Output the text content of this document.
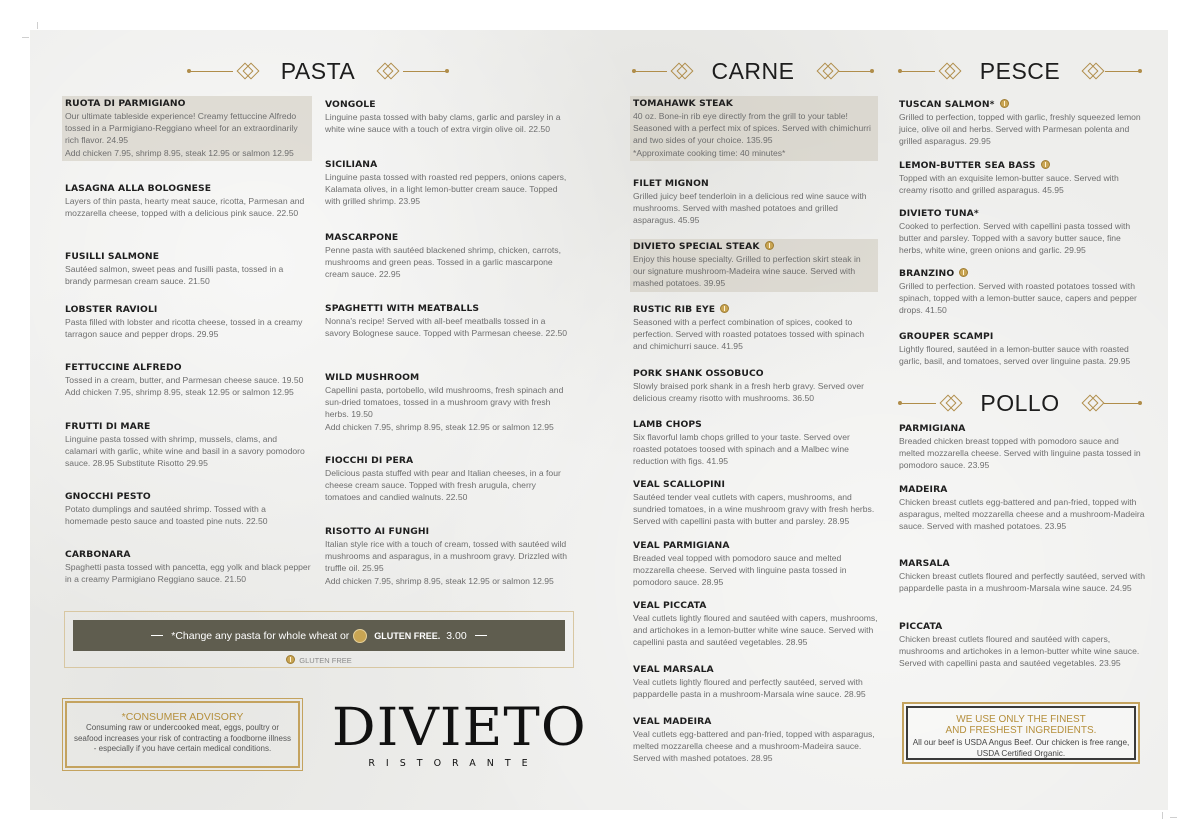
PASTA	CARNE	PESCE
POLLO
RUOTA DI PARMIGIANO
Our ultimate tableside experience! Creamy fettuccine Alfredo tossed in a Parmigiano-Reggiano wheel for an extraordinarily rich flavor. 24.95
Add chicken 7.95, shrimp 8.95, steak 12.95 or salmon 12.95
LASAGNA ALLA BOLOGNESE
Layers of thin pasta, hearty meat sauce, ricotta, Parmesan and mozzarella cheese, topped with a delicious pink sauce. 22.50
FUSILLI SALMONE
Sautéed salmon, sweet peas and fusilli pasta, tossed in a brandy parmesan cream sauce. 21.50
LOBSTER RAVIOLI
Pasta filled with lobster and ricotta cheese, tossed in a creamy tarragon sauce and pepper drops. 29.95
FETTUCCINE ALFREDO
Tossed in a cream, butter, and Parmesan cheese sauce. 19.50
Add chicken 7.95, shrimp 8.95, steak 12.95 or salmon 12.95
FRUTTI DI MARE
Linguine pasta tossed with shrimp, mussels, clams, and calamari with garlic, white wine and basil in a savory pomodoro sauce. 28.95 Substitute Risotto 29.95
GNOCCHI PESTO
Potato dumplings and sautéed shrimp. Tossed with a homemade pesto sauce and toasted pine nuts. 22.50
CARBONARA
Spaghetti pasta tossed with pancetta, egg yolk and black pepper in a creamy Parmigiano Reggiano sauce. 21.50
VONGOLE
Linguine pasta tossed with baby clams, garlic and parsley in a white wine sauce with a touch of extra virgin olive oil. 22.50
SICILIANA
Linguine pasta tossed with roasted red peppers, onions capers, Kalamata olives, in a light lemon-butter cream sauce. Topped with grilled shrimp. 23.95
MASCARPONE
Penne pasta with sautéed blackened shrimp, chicken, carrots, mushrooms and green peas. Tossed in a garlic mascarpone cream sauce. 22.95
SPAGHETTI WITH MEATBALLS
Nonna's recipe! Served with all-beef meatballs tossed in a savory Bolognese sauce. Topped with Parmesan cheese. 22.50
WILD MUSHROOM
Capellini pasta, portobello, wild mushrooms, fresh spinach and sun-dried tomatoes, tossed in a mushroom gravy with fresh herbs. 19.50
Add chicken 7.95, shrimp 8.95, steak 12.95 or salmon 12.95
FIOCCHI DI PERA
Delicious pasta stuffed with pear and Italian cheeses, in a four cheese cream sauce. Topped with fresh arugula, cherry tomatoes and candied walnuts. 22.50
RISOTTO AI FUNGHI
Italian style rice with a touch of cream, tossed with sautéed wild mushrooms and asparagus, in a mushroom gravy. Drizzled with truffle oil. 25.95
Add chicken 7.95, shrimp 8.95, steak 12.95 or salmon 12.95
*Change any pasta for whole wheat or	GLUTEN FREE. 3.00
GLUTEN FREE
*CONSUMER ADVISORY
Consuming raw or undercooked meat, eggs, poultry or seafood increases your risk of contracting a foodborne illness - especially if you have certain medical conditions.	DIVIETO
RISTORANTE
TOMAHAWK STEAK
40 oz. Bone-in rib eye directly from the grill to your table! Seasoned with a perfect mix of spices. Served with chimichurri and two sides of your choice. 135.95
*Approximate cooking time: 40 minutes*
FILET MIGNON
Grilled juicy beef tenderloin in a delicious red wine sauce with mushrooms. Served with mashed potatoes and grilled asparagus. 45.95
DIVIETO SPECIAL STEAK
Enjoy this house specialty. Grilled to perfection skirt steak in our signature mushroom-Madeira wine sauce. Served with mashed potatoes. 39.95
RUSTIC RIB EYE
Seasoned with a perfect combination of spices, cooked to perfection. Served with roasted potatoes tossed with spinach and chimichurri sauce. 41.95
PORK SHANK OSSOBUCO
Slowly braised pork shank in a fresh herb gravy. Served over delicious creamy risotto with mushrooms. 36.50
LAMB CHOPS
Six flavorful lamb chops grilled to your taste. Served over roasted potatoes toosed with spinach and a Malbec wine reduction with figs. 41.95
VEAL SCALLOPINI
Sautéed tender veal cutlets with capers, mushrooms, and sundried tomatoes, in a wine mushroom gravy with fresh herbs. Served with capellini pasta with butter and parsley. 28.95
VEAL PARMIGIANA
Breaded veal topped with pomodoro sauce and melted mozzarella cheese. Served with linguine pasta tossed in pomodoro sauce. 28.95
VEAL PICCATA
Veal cutlets lightly floured and sautéed with capers, mushrooms, and artichokes in a lemon-butter white wine sauce. Served with capellini pasta and sautéed vegetables. 28.95
VEAL MARSALA
Veal cutlets lightly floured and perfectly sautéed, served with pappardelle pasta in a mushroom-Marsala wine sauce. 28.95
VEAL MADEIRA
Veal cutlets egg-battered and pan-fried, topped with asparagus, melted mozzarella cheese and a mushroom-Madeira sauce. Served with mashed potatoes. 28.95
TUSCAN SALMON*
Grilled to perfection, topped with garlic, freshly squeezed lemon juice, olive oil and herbs. Served with Parmesan polenta and grilled asparagus. 29.95
LEMON-BUTTER SEA BASS
Topped with an exquisite lemon-butter sauce. Served with creamy risotto and grilled asparagus. 45.95
DIVIETO TUNA*
Cooked to perfection. Served with capellini pasta tossed with butter and parsley. Topped with a savory butter sauce, fine herbs, white wine, green onions and garlic. 29.95
BRANZINO
Grilled to perfection. Served with roasted potatoes tossed with spinach, topped with a lemon-butter sauce, capers and pepper drops. 41.50
GROUPER SCAMPI
Lightly floured, sautéed in a lemon-butter sauce with roasted garlic, basil, and tomatoes, served over linguine pasta. 29.95
PARMIGIANA
Breaded chicken breast topped with pomodoro sauce and melted mozzarella cheese. Served with linguine pasta tossed in pomodoro sauce. 23.95
MADEIRA
Chicken breast cutlets egg-battered and pan-fried, topped with asparagus, melted mozzarella cheese and a mushroom-Madeira sauce. Served with mashed potatoes. 23.95
MARSALA
Chicken breast cutlets floured and perfectly sautéed, served with pappardelle pasta in a mushroom-Marsala wine sauce. 24.95
PICCATA
Chicken breast cutlets floured and sautéed with capers, mushrooms and artichokes in a lemon-butter white wine sauce. Served with capellini pasta and sautéed vegetables. 23.95
WE USE ONLY THE FINEST
AND FRESHEST INGREDIENTS.
All our beef is USDA Angus Beef. Our chicken is free range, USDA Certified Organic.
